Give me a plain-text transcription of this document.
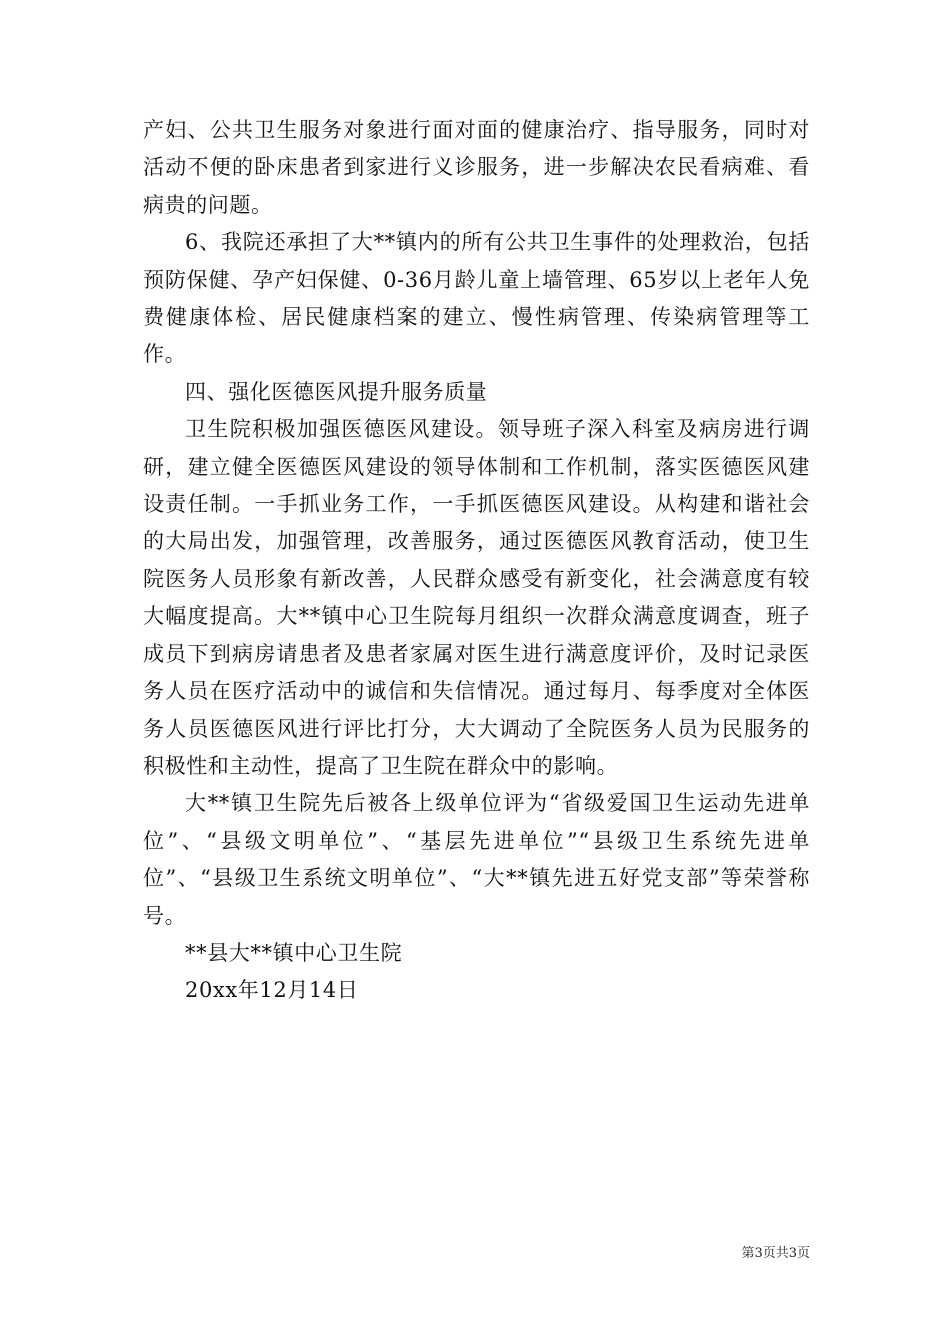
产妇、公共卫生服务对象进行面对面的健康治疗、指导服务，同时对活动不便的卧床患者到家进行义诊服务，进一步解决农民看病难、看病贵的问题。

6、我院还承担了大**镇内的所有公共卫生事件的处理救治，包括预防保健、孕产妇保健、0-36月龄儿童上墙管理、65岁以上老年人免费健康体检、居民健康档案的建立、慢性病管理、传染病管理等工作。

四、强化医德医风提升服务质量

卫生院积极加强医德医风建设。领导班子深入科室及病房进行调研，建立健全医德医风建设的领导体制和工作机制，落实医德医风建设责任制。一手抓业务工作，一手抓医德医风建设。从构建和谐社会的大局出发，加强管理，改善服务，通过医德医风教育活动，使卫生院医务人员形象有新改善，人民群众感受有新变化，社会满意度有较大幅度提高。大**镇中心卫生院每月组织一次群众满意度调查，班子成员下到病房请患者及患者家属对医生进行满意度评价，及时记录医务人员在医疗活动中的诚信和失信情况。通过每月、每季度对全体医务人员医德医风进行评比打分，大大调动了全院医务人员为民服务的积极性和主动性，提高了卫生院在群众中的影响。

大**镇卫生院先后被各上级单位评为“省级爱国卫生运动先进单位”、“县级文明单位”、“基层先进单位”“县级卫生系统先进单位”、“县级卫生系统文明单位”、“大**镇先进五好党支部”等荣誉称号。

**县大**镇中心卫生院

20xx年12月14日

第3页共3页
